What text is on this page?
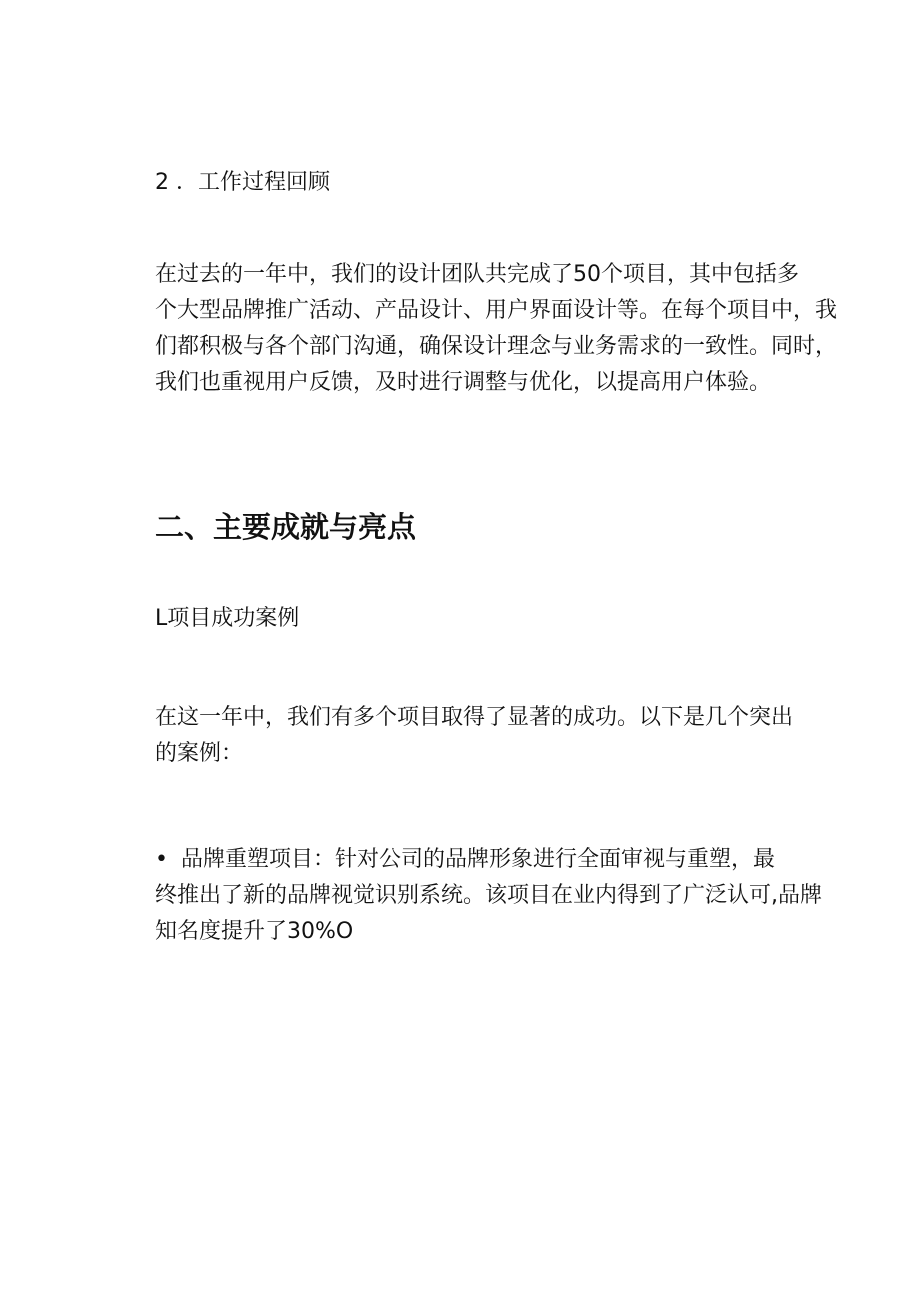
2 ．工作过程回顾
在过去的一年中，我们的设计团队共完成了50个项目，其中包括多
个大型品牌推广活动、产品设计、用户界面设计等。在每个项目中，我
们都积极与各个部门沟通，确保设计理念与业务需求的一致性。同时，
我们也重视用户反馈，及时进行调整与优化，以提高用户体验。
二、主要成就与亮点
L项目成功案例
在这一年中，我们有多个项目取得了显著的成功。以下是几个突出
的案例：
• 品牌重塑项目：针对公司的品牌形象进行全面审视与重塑，最
终推出了新的品牌视觉识别系统。该项目在业内得到了广泛认可,品牌
知名度提升了30%O
